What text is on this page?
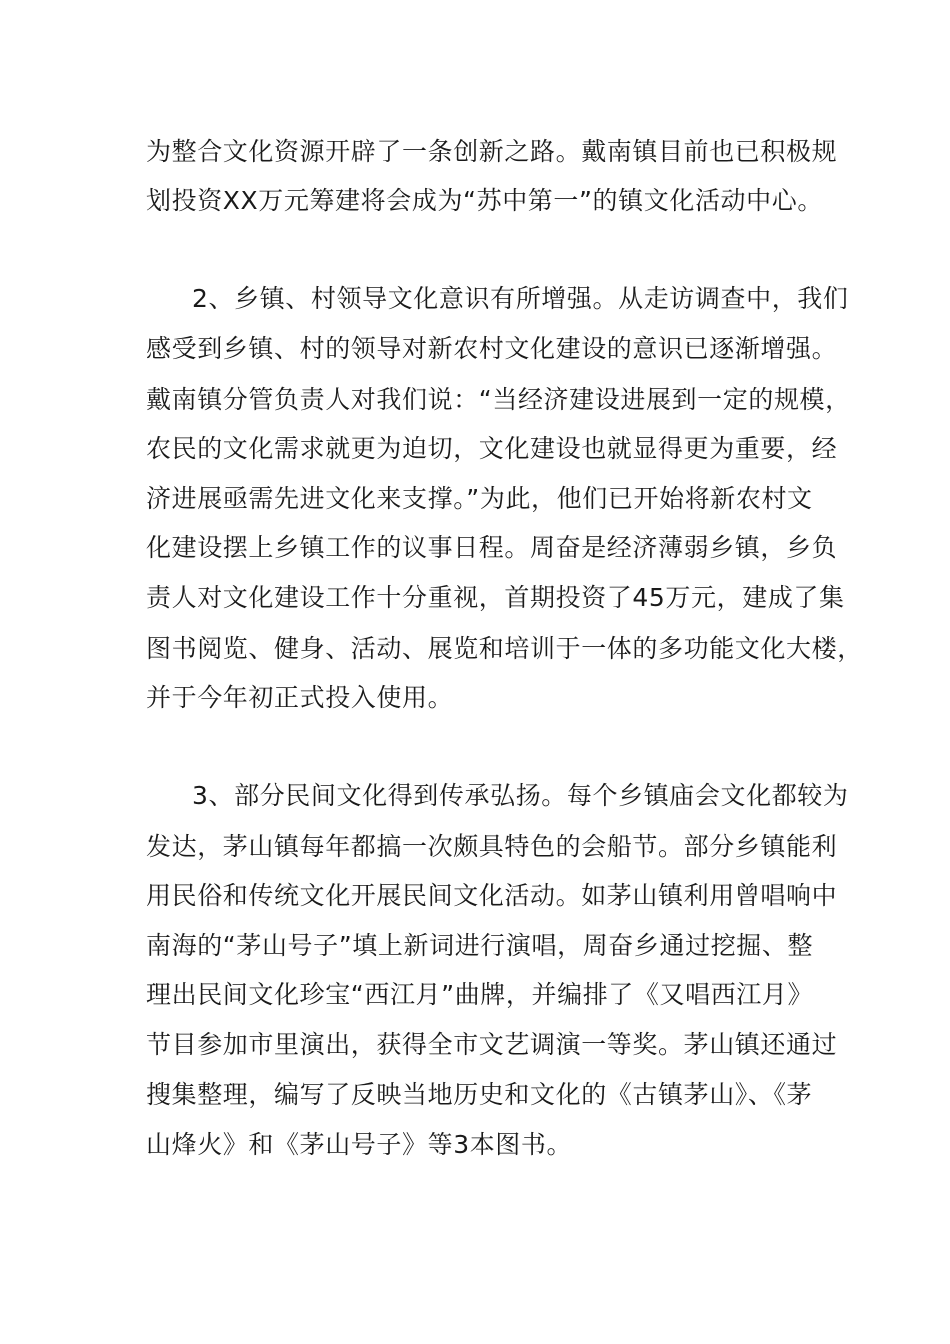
为整合文化资源开辟了一条创新之路。戴南镇目前也已积极规
划投资XX万元筹建将会成为“苏中第一”的镇文化活动中心。
2、乡镇、村领导文化意识有所增强。从走访调查中，我们
感受到乡镇、村的领导对新农村文化建设的意识已逐渐增强。
戴南镇分管负责人对我们说：“当经济建设进展到一定的规模，
农民的文化需求就更为迫切，文化建设也就显得更为重要，经
济进展亟需先进文化来支撑。”为此，他们已开始将新农村文
化建设摆上乡镇工作的议事日程。周奋是经济薄弱乡镇，乡负
责人对文化建设工作十分重视，首期投资了45万元，建成了集
图书阅览、健身、活动、展览和培训于一体的多功能文化大楼，
并于今年初正式投入使用。
3、部分民间文化得到传承弘扬。每个乡镇庙会文化都较为
发达，茅山镇每年都搞一次颇具特色的会船节。部分乡镇能利
用民俗和传统文化开展民间文化活动。如茅山镇利用曾唱响中
南海的“茅山号子”填上新词进行演唱，周奋乡通过挖掘、整
理出民间文化珍宝“西江月”曲牌，并编排了《又唱西江月》
节目参加市里演出，获得全市文艺调演一等奖。茅山镇还通过
搜集整理，编写了反映当地历史和文化的《古镇茅山》、《茅
山烽火》和《茅山号子》等3本图书。
